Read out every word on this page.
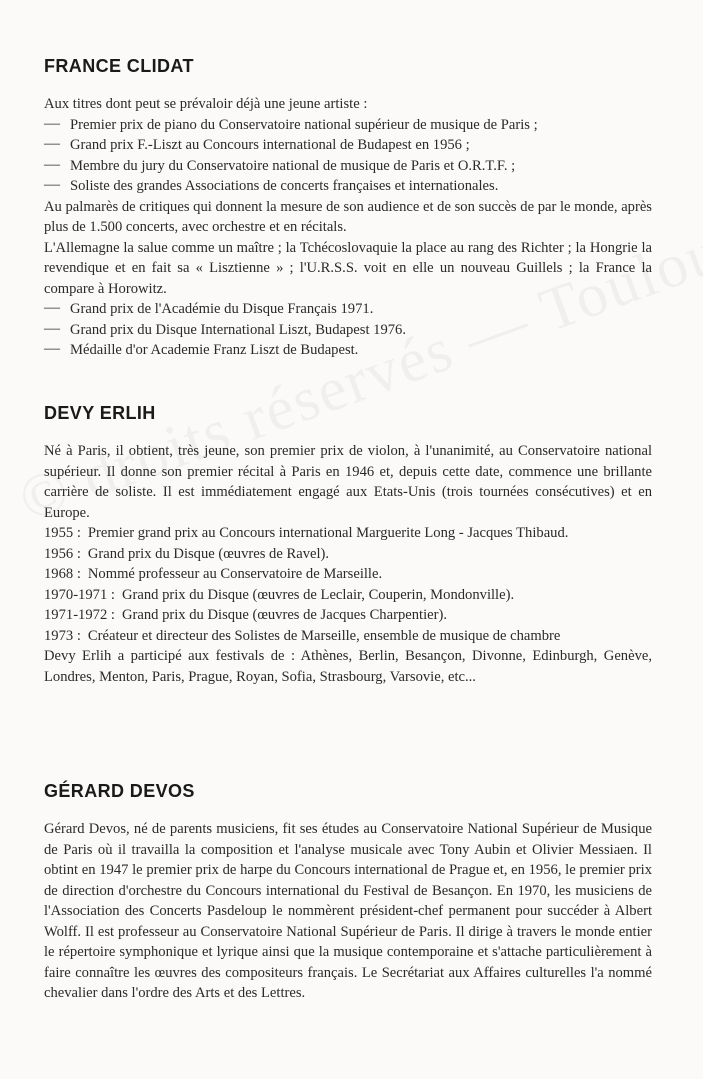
FRANCE CLIDAT

Aux titres dont peut se prévaloir déjà une jeune artiste :

— Premier prix de piano du Conservatoire national supérieur de musique de Paris ;
— Grand prix F.-Liszt au Concours international de Budapest en 1956 ;
— Membre du jury du Conservatoire national de musique de Paris et O.R.T.F. ;
— Soliste des grandes Associations de concerts françaises et internationales.

Au palmarès de critiques qui donnent la mesure de son audience et de son succès de par le monde, après plus de 1.500 concerts, avec orchestre et en récitals.

L'Allemagne la salue comme un maître ; la Tchécoslovaquie la place au rang des Richter ; la Hongrie la revendique et en fait sa « Lisztienne » ; l'U.R.S.S. voit en elle un nouveau Guillels ; la France la compare à Horowitz.

— Grand prix de l'Académie du Disque Français 1971.
— Grand prix du Disque International Liszt, Budapest 1976.
— Médaille d'or Academie Franz Liszt de Budapest.
DEVY ERLIH

Né à Paris, il obtient, très jeune, son premier prix de violon, à l'unanimité, au Conservatoire national supérieur. Il donne son premier récital à Paris en 1946 et, depuis cette date, commence une brillante carrière de soliste. Il est immédiatement engagé aux Etats-Unis (trois tournées consécutives) et en Europe.

1955 : Premier grand prix au Concours international Marguerite Long - Jacques Thibaud.
1956 : Grand prix du Disque (œuvres de Ravel).
1968 : Nommé professeur au Conservatoire de Marseille.
1970-1971 : Grand prix du Disque (œuvres de Leclair, Couperin, Mondonville).
1971-1972 : Grand prix du Disque (œuvres de Jacques Charpentier).
1973 : Créateur et directeur des Solistes de Marseille, ensemble de musique de chambre

Devy Erlih a participé aux festivals de : Athènes, Berlin, Besançon, Divonne, Edinburgh, Genève, Londres, Menton, Paris, Prague, Royan, Sofia, Strasbourg, Varsovie, etc...

GÉRARD DEVOS

Gérard Devos, né de parents musiciens, fit ses études au Conservatoire National Supérieur de Musique de Paris où il travailla la composition et l'analyse musicale avec Tony Aubin et Olivier Messiaen. Il obtint en 1947 le premier prix de harpe du Concours international de Prague et, en 1956, le premier prix de direction d'orchestre du Concours international du Festival de Besançon. En 1970, les musiciens de l'Association des Concerts Pasdeloup le nommèrent président-chef permanent pour succéder à Albert Wolff. Il est professeur au Conservatoire National Supérieur de Paris. Il dirige à travers le monde entier le répertoire symphonique et lyrique ainsi que la musique contemporaine et s'attache particulièrement à faire connaître les œuvres des compositeurs français. Le Secrétariat aux Affaires culturelles l'a nommé chevalier dans l'ordre des Arts et des Lettres.
